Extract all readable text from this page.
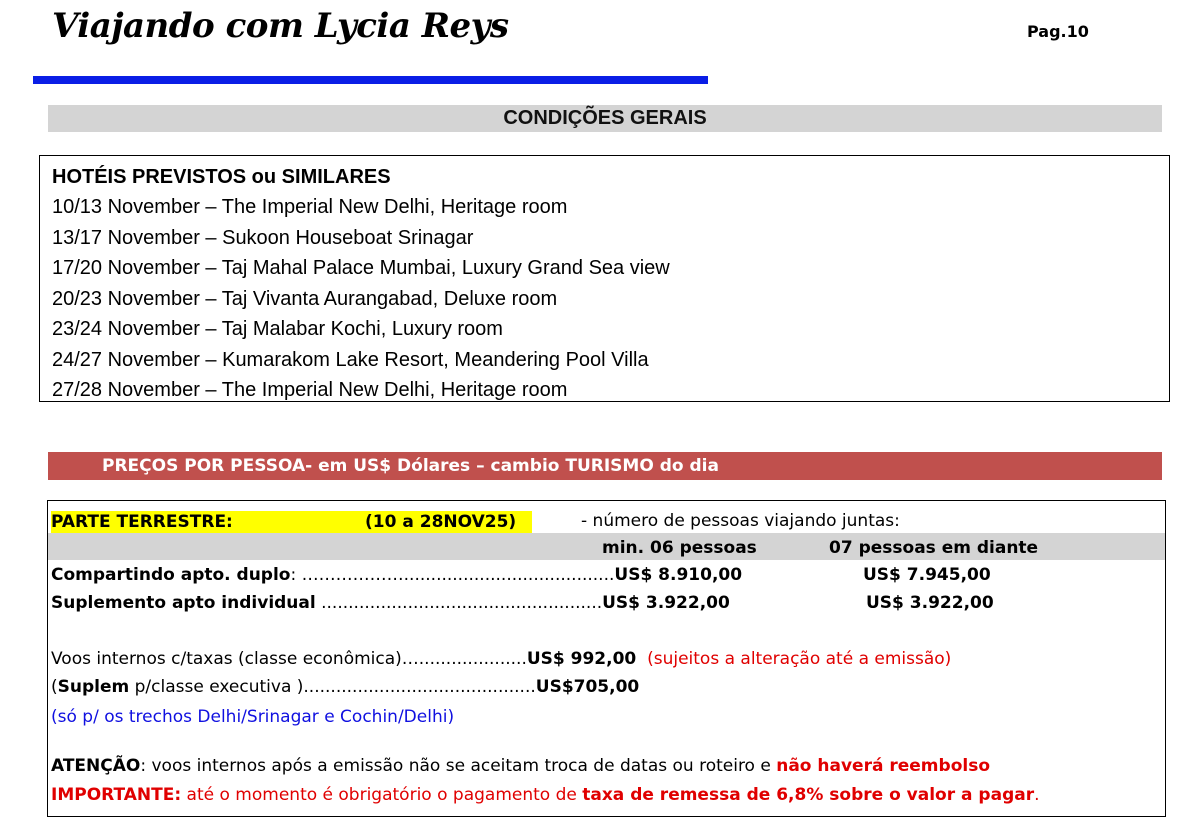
Viajando com Lycia Reys	Pag.10
CONDIÇÕES GERAIS
HOTÉIS PREVISTOS ou SIMILARES
10/13 November – The Imperial New Delhi, Heritage room
13/17 November – Sukoon Houseboat Srinagar
17/20 November – Taj Mahal Palace Mumbai, Luxury Grand Sea view
20/23 November – Taj Vivanta Aurangabad, Deluxe room
23/24 November – Taj Malabar Kochi, Luxury room
24/27 November – Kumarakom Lake Resort, Meandering Pool Villa
27/28 November – The Imperial New Delhi, Heritage room
PREÇOS POR PESSOA- em US$ Dólares – cambio TURISMO do dia
PARTE TERRESTRE:	(10 a 28NOV25)	- número de pessoas viajando juntas:
min. 06 pessoas	07 pessoas em diante
Compartindo apto. duplo: ……………….......................................US$ 8.910,00	US$ 7.945,00
Suplemento apto individual ....................................................US$ 3.922,00	US$ 3.922,00
Voos internos c/taxas (classe econômica)…....................US$ 992,00 (sujeitos a alteração até a emissão)
(Suplem p/classe executiva )...........................................US$705,00
(só p/ os trechos Delhi/Srinagar e Cochin/Delhi)
ATENÇÃO: voos internos após a emissão não se aceitam troca de datas ou roteiro e não haverá reembolso
IMPORTANTE: até o momento é obrigatório o pagamento de taxa de remessa de 6,8% sobre o valor a pagar.
